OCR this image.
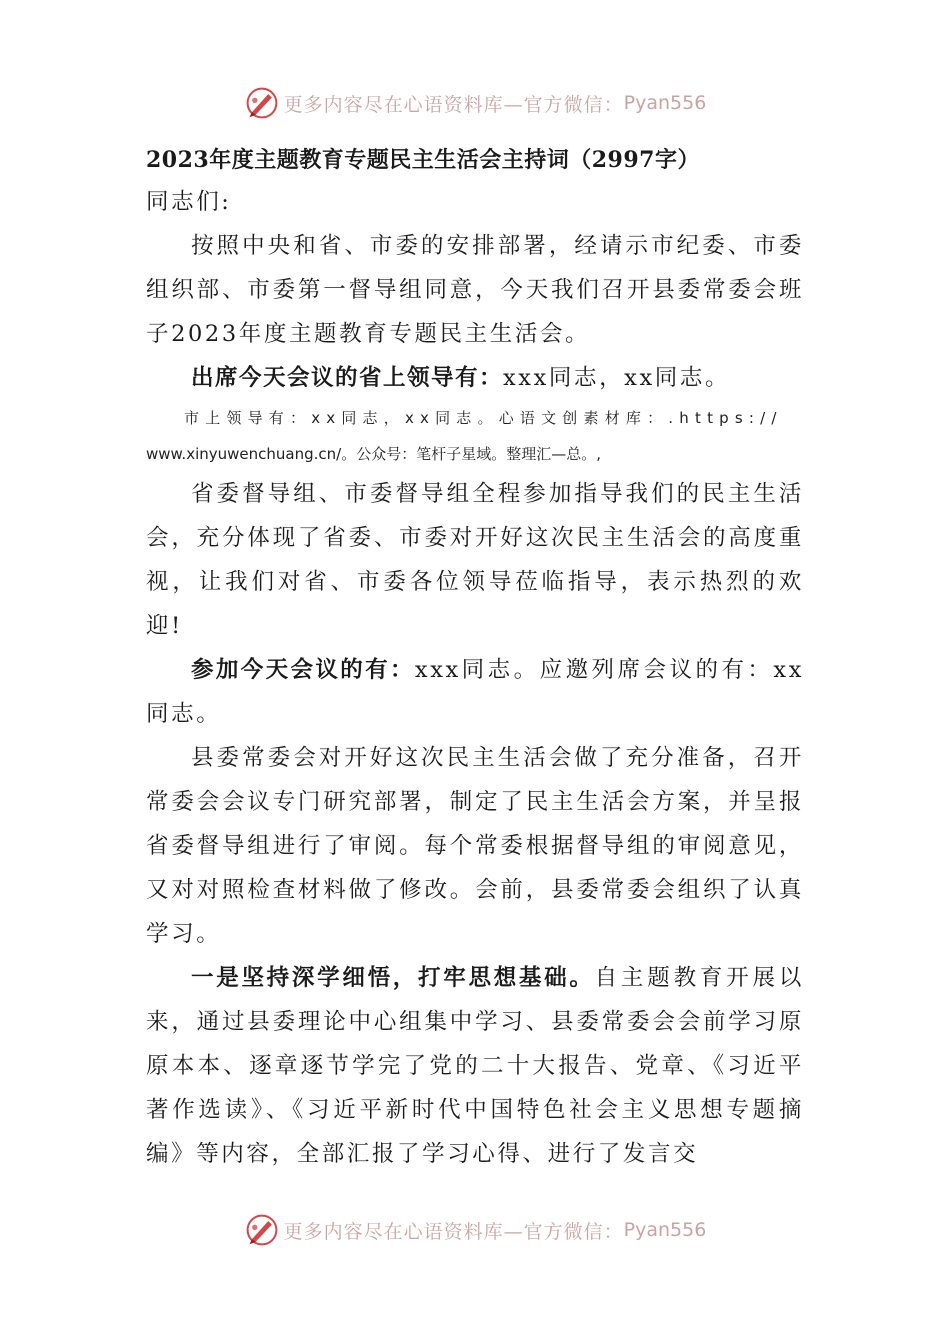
更多内容尽在心语资料库—官方微信： Pyan556

2023年度主题教育专题民主生活会主持词（2997字）

同志们:

按照中央和省、市委的安排部署，经请示市纪委、市委组织部、市委第一督导组同意，今天我们召开县委常委会班子2023年度主题教育专题民主生活会。

出席今天会议的省上领导有：xxx同志，xx同志。

市上领导有：xx同志，xx同志。心语文创素材库：.https://
www.xinyuwenchuang.cn/。公众号：笔杆子星域。整理汇—总。,

省委督导组、市委督导组全程参加指导我们的民主生活会，充分体现了省委、市委对开好这次民主生活会的高度重视，让我们对省、市委各位领导莅临指导，表示热烈的欢迎!

参加今天会议的有：xxx同志。应邀列席会议的有：xx同志。

县委常委会对开好这次民主生活会做了充分准备，召开常委会会议专门研究部署，制定了民主生活会方案，并呈报省委督导组进行了审阅。每个常委根据督导组的审阅意见，又对对照检查材料做了修改。会前，县委常委会组织了认真学习。

一是坚持深学细悟，打牢思想基础。自主题教育开展以来，通过县委理论中心组集中学习、县委常委会会前学习原原本本、逐章逐节学完了党的二十大报告、党章、《习近平著作选读》、《习近平新时代中国特色社会主义思想专题摘编》等内容，全部汇报了学习心得、进行了发言交

更多内容尽在心语资料库—官方微信： Pyan556
